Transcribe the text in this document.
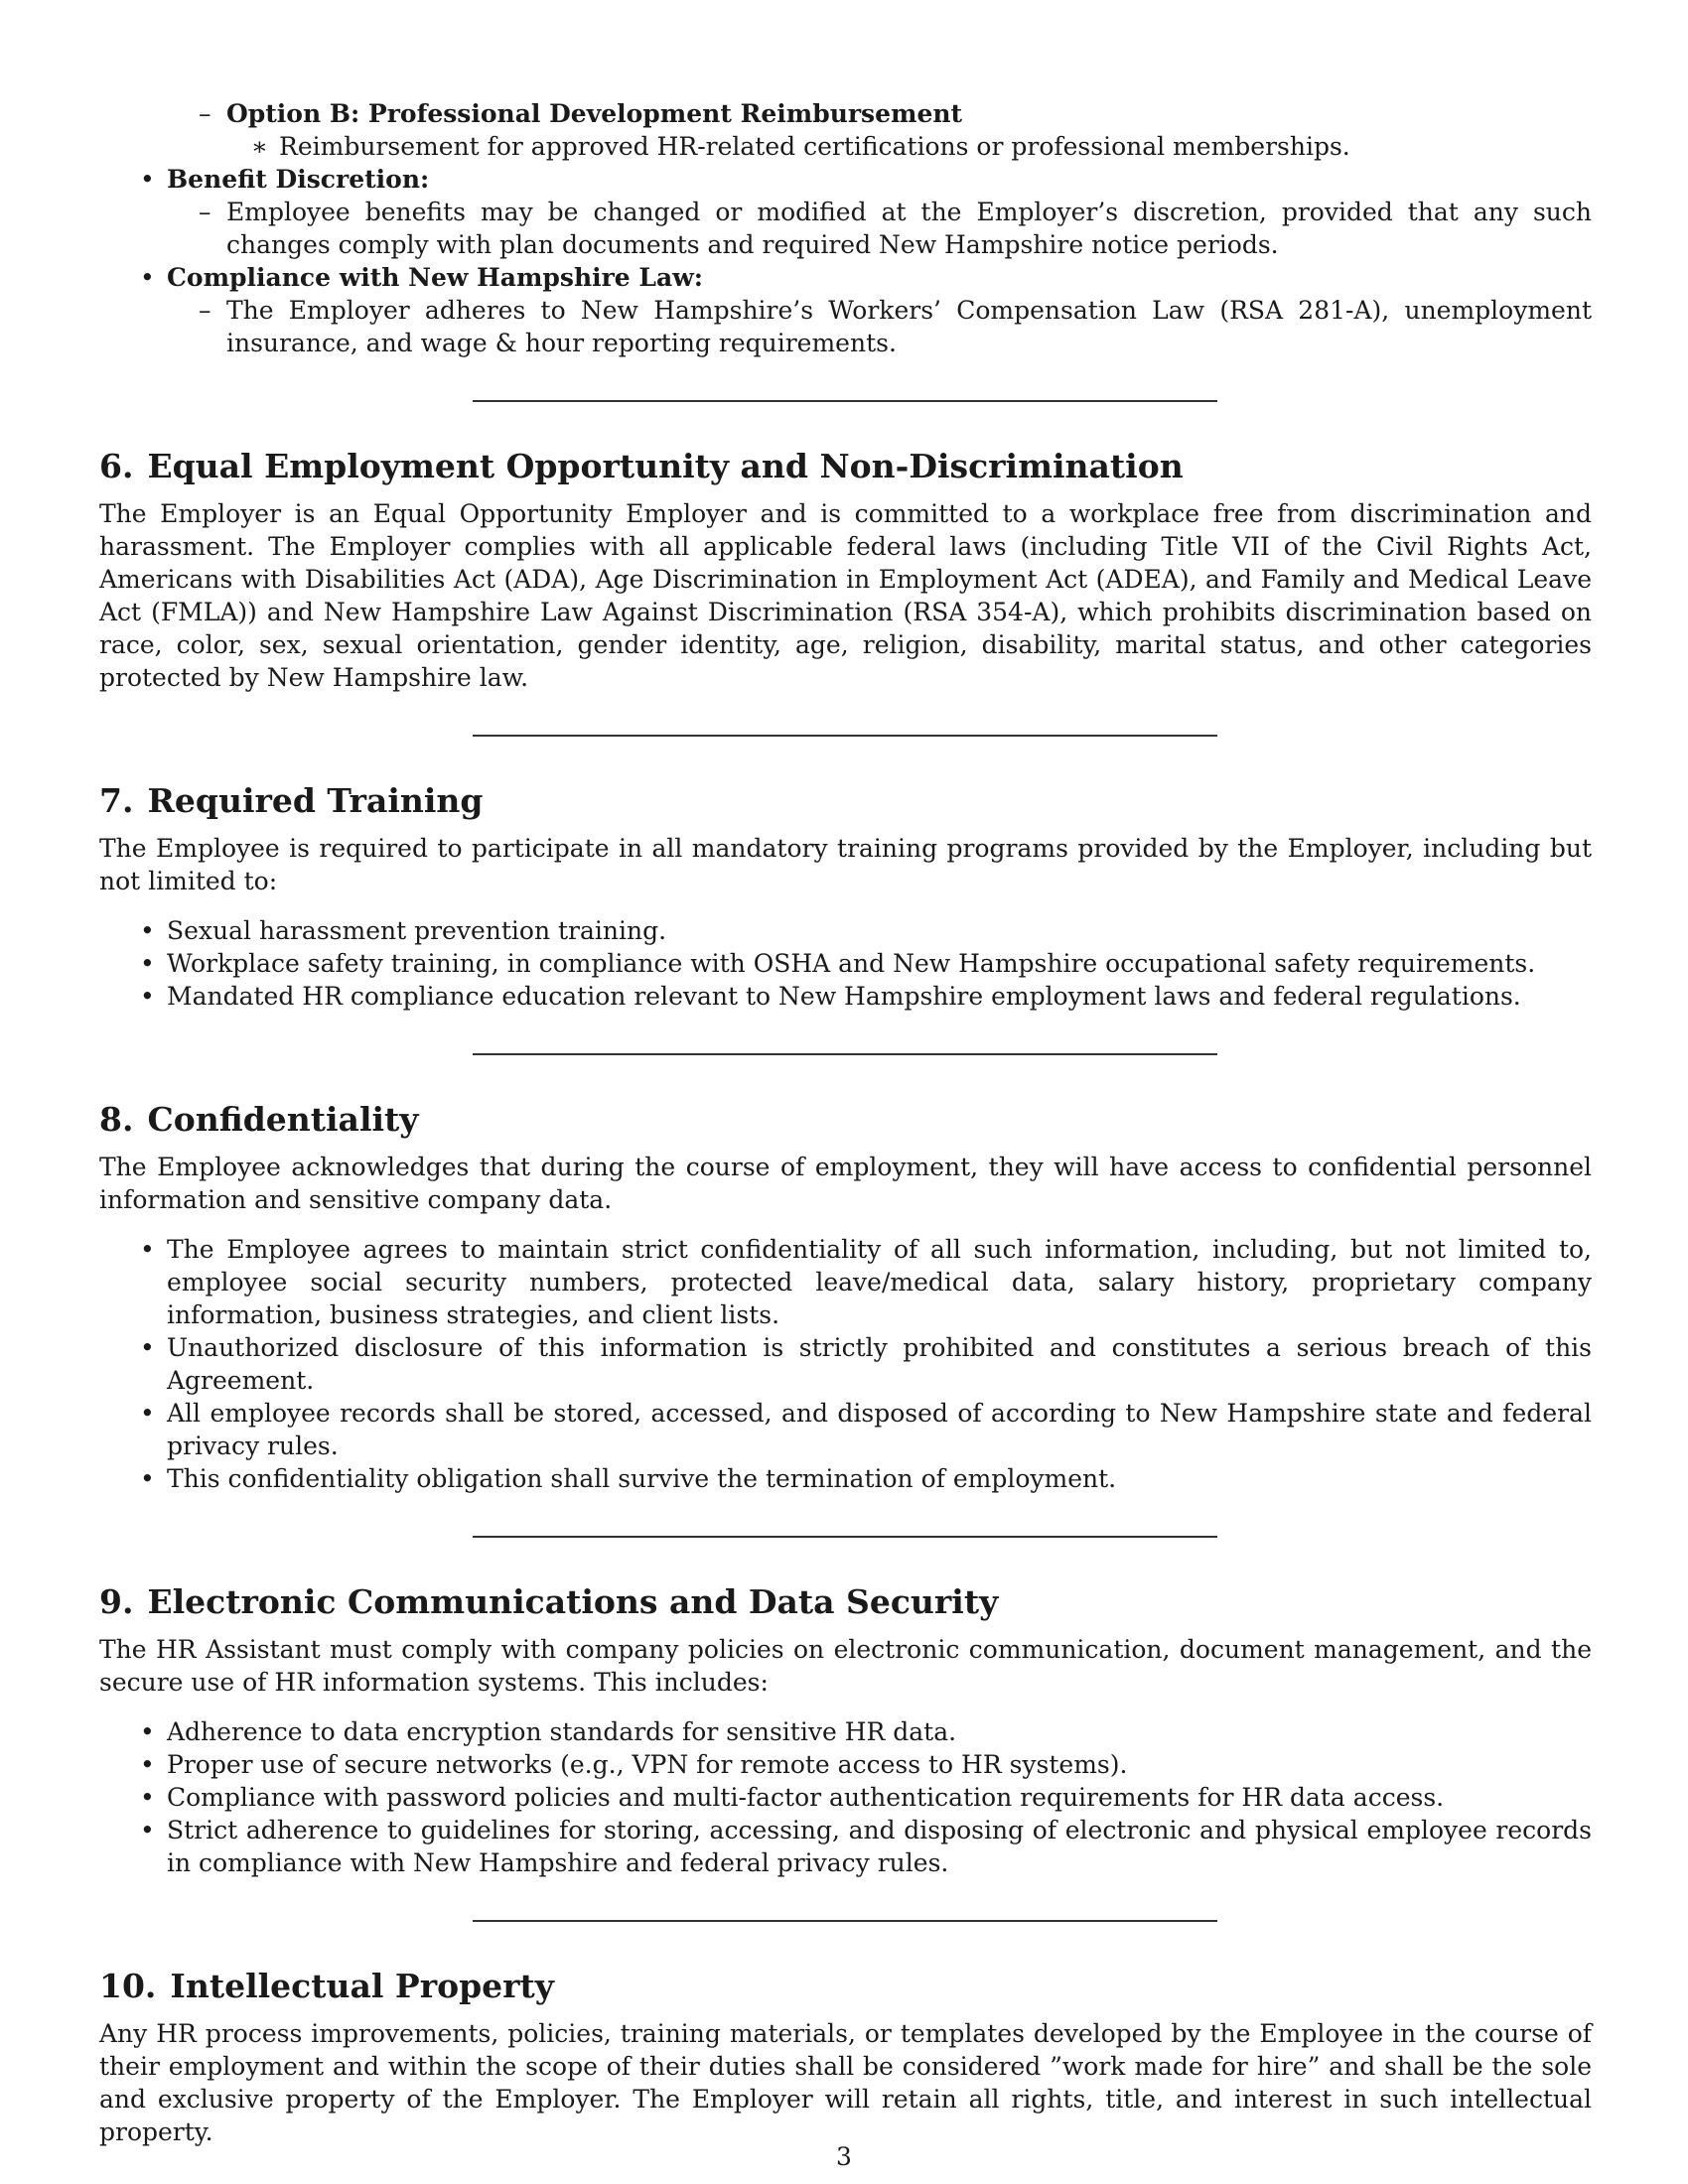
– Option B: Professional Development Reimbursement
∗ Reimbursement for approved HR-related certifications or professional memberships.
• Benefit Discretion:
– Employee benefits may be changed or modified at the Employer’s discretion, provided that any such changes comply with plan documents and required New Hampshire notice periods.
• Compliance with New Hampshire Law:
– The Employer adheres to New Hampshire’s Workers’ Compensation Law (RSA 281-A), unemployment insurance, and wage & hour reporting requirements.
6. Equal Employment Opportunity and Non-Discrimination

The Employer is an Equal Opportunity Employer and is committed to a workplace free from discrimination and harassment. The Employer complies with all applicable federal laws (including Title VII of the Civil Rights Act, Americans with Disabilities Act (ADA), Age Discrimination in Employment Act (ADEA), and Family and Medical Leave Act (FMLA)) and New Hampshire Law Against Discrimination (RSA 354-A), which prohibits discrimination based on race, color, sex, sexual orientation, gender identity, age, religion, disability, marital status, and other categories protected by New Hampshire law.

7. Required Training

The Employee is required to participate in all mandatory training programs provided by the Employer, including but not limited to:

• Sexual harassment prevention training.
• Workplace safety training, in compliance with OSHA and New Hampshire occupational safety requirements.
• Mandated HR compliance education relevant to New Hampshire employment laws and federal regulations.
8. Confidentiality

The Employee acknowledges that during the course of employment, they will have access to confidential personnel information and sensitive company data.

• The Employee agrees to maintain strict confidentiality of all such information, including, but not limited to, employee social security numbers, protected leave/medical data, salary history, proprietary company information, business strategies, and client lists.
• Unauthorized disclosure of this information is strictly prohibited and constitutes a serious breach of this Agreement.
• All employee records shall be stored, accessed, and disposed of according to New Hampshire state and federal privacy rules.
• This confidentiality obligation shall survive the termination of employment.
9. Electronic Communications and Data Security

The HR Assistant must comply with company policies on electronic communication, document management, and the secure use of HR information systems. This includes:

• Adherence to data encryption standards for sensitive HR data.
• Proper use of secure networks (e.g., VPN for remote access to HR systems).
• Compliance with password policies and multi-factor authentication requirements for HR data access.
• Strict adherence to guidelines for storing, accessing, and disposing of electronic and physical employee records in compliance with New Hampshire and federal privacy rules.
10. Intellectual Property

Any HR process improvements, policies, training materials, or templates developed by the Employee in the course of their employment and within the scope of their duties shall be considered ”work made for hire” and shall be the sole and exclusive property of the Employer. The Employer will retain all rights, title, and interest in such intellectual property.

3
